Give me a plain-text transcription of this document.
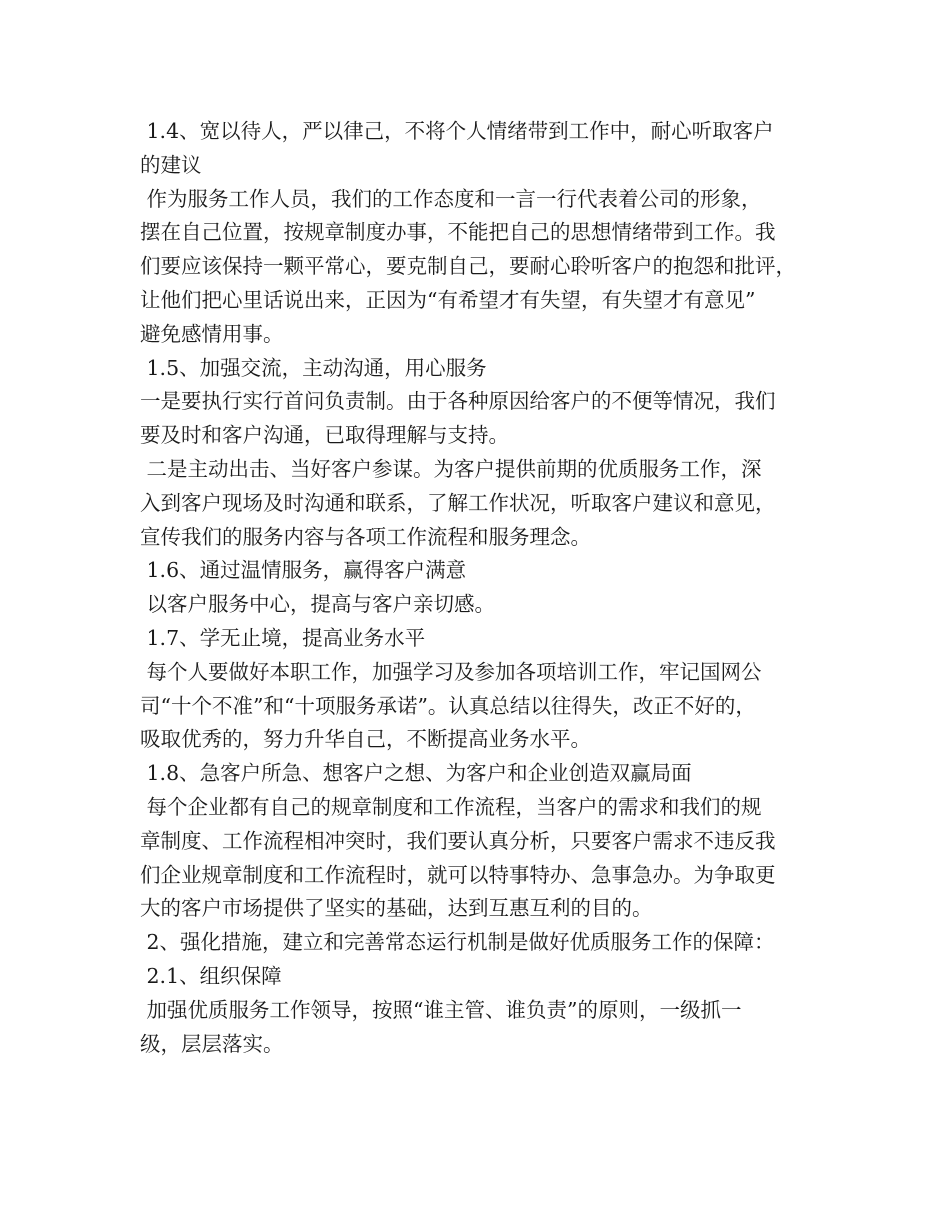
1.4、宽以待人，严以律己，不将个人情绪带到工作中，耐心听取客户
的建议
作为服务工作人员，我们的工作态度和一言一行代表着公司的形象，
摆在自己位置，按规章制度办事，不能把自己的思想情绪带到工作。我
们要应该保持一颗平常心，要克制自己，要耐心聆听客户的抱怨和批评，
让他们把心里话说出来，正因为“有希望才有失望，有失望才有意见”
避免感情用事。
1.5、加强交流，主动沟通，用心服务
一是要执行实行首问负责制。由于各种原因给客户的不便等情况，我们
要及时和客户沟通，已取得理解与支持。
二是主动出击、当好客户参谋。为客户提供前期的优质服务工作，深
入到客户现场及时沟通和联系，了解工作状况，听取客户建议和意见，
宣传我们的服务内容与各项工作流程和服务理念。
1.6、通过温情服务，赢得客户满意
以客户服务中心，提高与客户亲切感。
1.7、学无止境，提高业务水平
每个人要做好本职工作，加强学习及参加各项培训工作，牢记国网公
司“十个不准”和“十项服务承诺”。认真总结以往得失，改正不好的，
吸取优秀的，努力升华自己，不断提高业务水平。
1.8、急客户所急、想客户之想、为客户和企业创造双赢局面
每个企业都有自己的规章制度和工作流程，当客户的需求和我们的规
章制度、工作流程相冲突时，我们要认真分析，只要客户需求不违反我
们企业规章制度和工作流程时，就可以特事特办、急事急办。为争取更
大的客户市场提供了坚实的基础，达到互惠互利的目的。
2、强化措施，建立和完善常态运行机制是做好优质服务工作的保障：
2.1、组织保障
加强优质服务工作领导，按照“谁主管、谁负责”的原则，一级抓一
级，层层落实。
